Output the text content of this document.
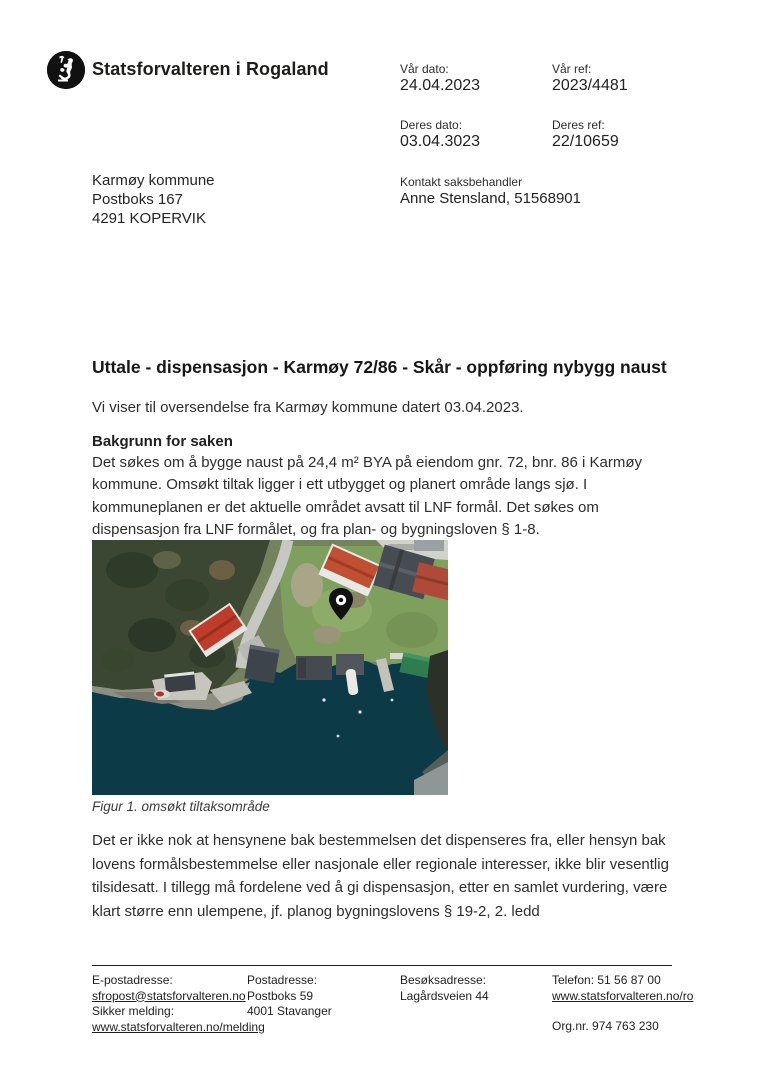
Statsforvalteren i Rogaland	Vår dato:
24.04.2023
Vår ref:
2023/4481
Deres dato:
03.04.3023
Deres ref:
22/10659
Karmøy kommune
Postboks 167
4291 KOPERVIK
Kontakt saksbehandler
Anne Stensland, 51568901
Uttale - dispensasjon - Karmøy 72/86 - Skår - oppføring nybygg naust
Vi viser til oversendelse fra Karmøy kommune datert 03.04.2023.
Bakgrunn for saken
Det søkes om å bygge naust på 24,4 m² BYA på eiendom gnr. 72, bnr. 86 i Karmøy kommune. Omsøkt tiltak ligger i ett utbygget og planert område langs sjø. I kommuneplanen er det aktuelle området avsatt til LNF formål. Det søkes om dispensasjon fra LNF formålet, og fra plan- og bygningsloven § 1-8.
Figur 1. omsøkt tiltaksområde
Det er ikke nok at hensynene bak bestemmelsen det dispenseres fra, eller hensyn bak lovens formålsbestemmelse eller nasjonale eller regionale interesser, ikke blir vesentlig tilsidesatt. I tillegg må fordelene ved å gi dispensasjon, etter en samlet vurdering, være klart større enn ulempene, jf. planog bygningslovens § 19-2, 2. ledd
E-postadresse:
sfropost@statsforvalteren.no
Sikker melding:
www.statsforvalteren.no/melding
Postadresse:
Postboks 59
4001 Stavanger
Besøksadresse:
Lagårdsveien 44
Telefon: 51 56 87 00
www.statsforvalteren.no/ro
Org.nr. 974 763 230
